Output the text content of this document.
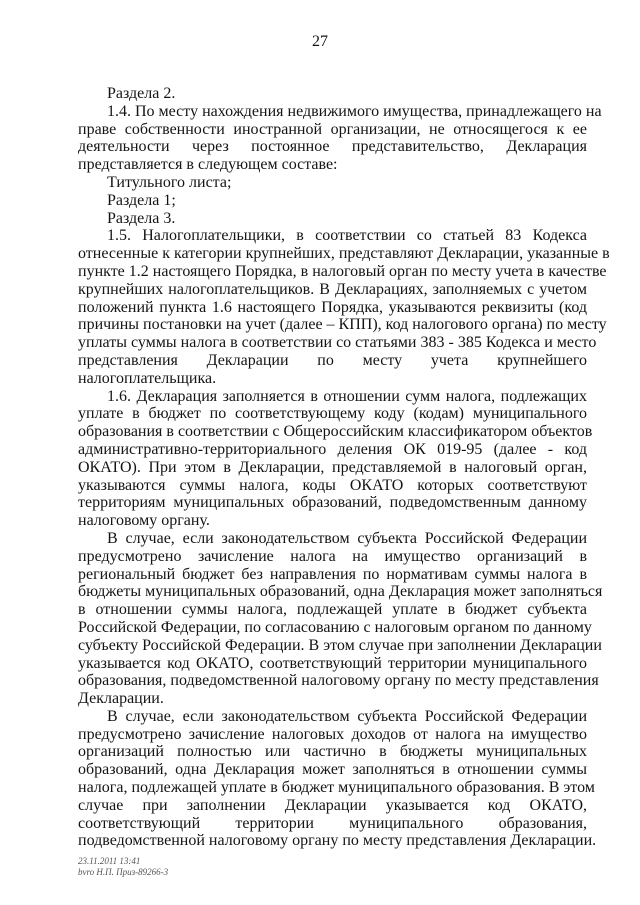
27
Раздела 2.
1.4. По месту нахождения недвижимого имущества, принадлежащего на
праве собственности иностранной организации, не относящегося к ее
деятельности через постоянное представительство, Декларация
представляется в следующем составе:
Титульного листа;
Раздела 1;
Раздела 3.
1.5. Налогоплательщики, в соответствии со статьей 83 Кодекса
отнесенные к категории крупнейших, представляют Декларации, указанные в
пункте 1.2 настоящего Порядка, в налоговый орган по месту учета в качестве
крупнейших налогоплательщиков. В Декларациях, заполняемых с учетом
положений пункта 1.6 настоящего Порядка, указываются реквизиты (код
причины постановки на учет (далее – КПП), код налогового органа) по месту
уплаты суммы налога в соответствии со статьями 383 - 385 Кодекса и место
представления Декларации по месту учета крупнейшего
налогоплательщика.
1.6. Декларация заполняется в отношении сумм налога, подлежащих
уплате в бюджет по соответствующему коду (кодам) муниципального
образования в соответствии с Общероссийским классификатором объектов
административно-территориального деления ОК 019-95 (далее - код
ОКАТО). При этом в Декларации, представляемой в налоговый орган,
указываются суммы налога, коды ОКАТО которых соответствуют
территориям муниципальных образований, подведомственным данному
налоговому органу.
В случае, если законодательством субъекта Российской Федерации
предусмотрено зачисление налога на имущество организаций в
региональный бюджет без направления по нормативам суммы налога в
бюджеты муниципальных образований, одна Декларация может заполняться
в отношении суммы налога, подлежащей уплате в бюджет субъекта
Российской Федерации, по согласованию с налоговым органом по данному
субъекту Российской Федерации. В этом случае при заполнении Декларации
указывается код ОКАТО, соответствующий территории муниципального
образования, подведомственной налоговому органу по месту представления
Декларации.
В случае, если законодательством субъекта Российской Федерации
предусмотрено зачисление налоговых доходов от налога на имущество
организаций полностью или частично в бюджеты муниципальных
образований, одна Декларация может заполняться в отношении суммы
налога, подлежащей уплате в бюджет муниципального образования. В этом
случае при заполнении Декларации указывается код ОКАТО,
соответствующий территории муниципального образования,
подведомственной налоговому органу по месту представления Декларации.
23.11.2011 13:41
bvro Н.П. Приз-89266-3
